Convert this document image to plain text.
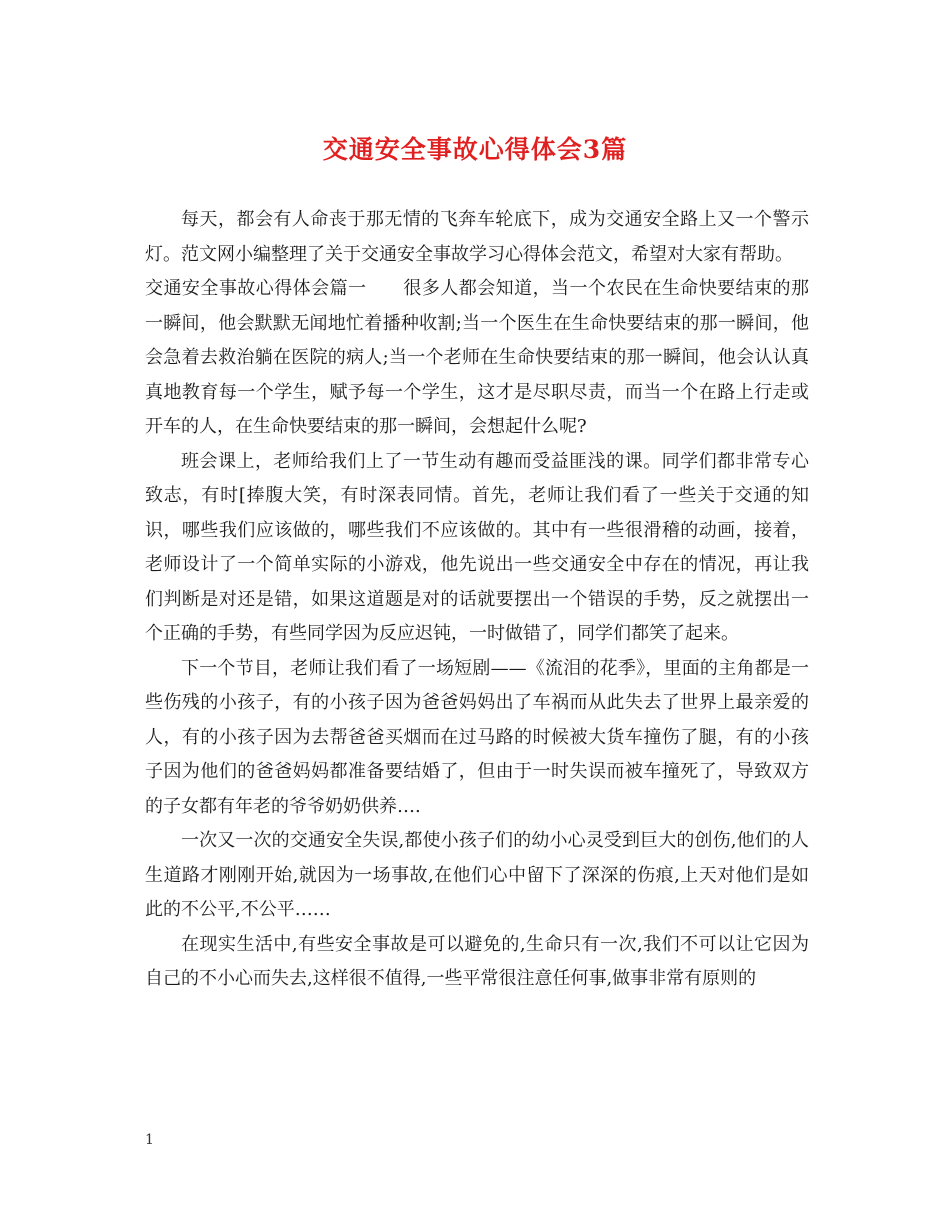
交通安全事故心得体会3篇

每天，都会有人命丧于那无情的飞奔车轮底下，成为交通安全路上又一个警示灯。范文网小编整理了关于交通安全事故学习心得体会范文，希望对大家有帮助。

交通安全事故心得体会篇一　　很多人都会知道，当一个农民在生命快要结束的那一瞬间，他会默默无闻地忙着播种收割;当一个医生在生命快要结束的那一瞬间，他会急着去救治躺在医院的病人;当一个老师在生命快要结束的那一瞬间，他会认认真真地教育每一个学生，赋予每一个学生，这才是尽职尽责，而当一个在路上行走或开车的人，在生命快要结束的那一瞬间，会想起什么呢?

班会课上，老师给我们上了一节生动有趣而受益匪浅的课。同学们都非常专心致志，有时[捧腹大笑，有时深表同情。首先，老师让我们看了一些关于交通的知识，哪些我们应该做的，哪些我们不应该做的。其中有一些很滑稽的动画，接着，老师设计了一个简单实际的小游戏，他先说出一些交通安全中存在的情况，再让我们判断是对还是错，如果这道题是对的话就要摆出一个错误的手势，反之就摆出一个正确的手势，有些同学因为反应迟钝，一时做错了，同学们都笑了起来。

下一个节目，老师让我们看了一场短剧——《流泪的花季》，里面的主角都是一些伤残的小孩子，有的小孩子因为爸爸妈妈出了车祸而从此失去了世界上最亲爱的人，有的小孩子因为去帮爸爸买烟而在过马路的时候被大货车撞伤了腿，有的小孩子因为他们的爸爸妈妈都准备要结婚了，但由于一时失误而被车撞死了，导致双方的子女都有年老的爷爷奶奶供养….

一次又一次的交通安全失误,都使小孩子们的幼小心灵受到巨大的创伤,他们的人生道路才刚刚开始,就因为一场事故,在他们心中留下了深深的伤痕,上天对他们是如此的不公平,不公平……

在现实生活中,有些安全事故是可以避免的,生命只有一次,我们不可以让它因为自己的不小心而失去,这样很不值得,一些平常很注意任何事,做事非常有原则的

1
